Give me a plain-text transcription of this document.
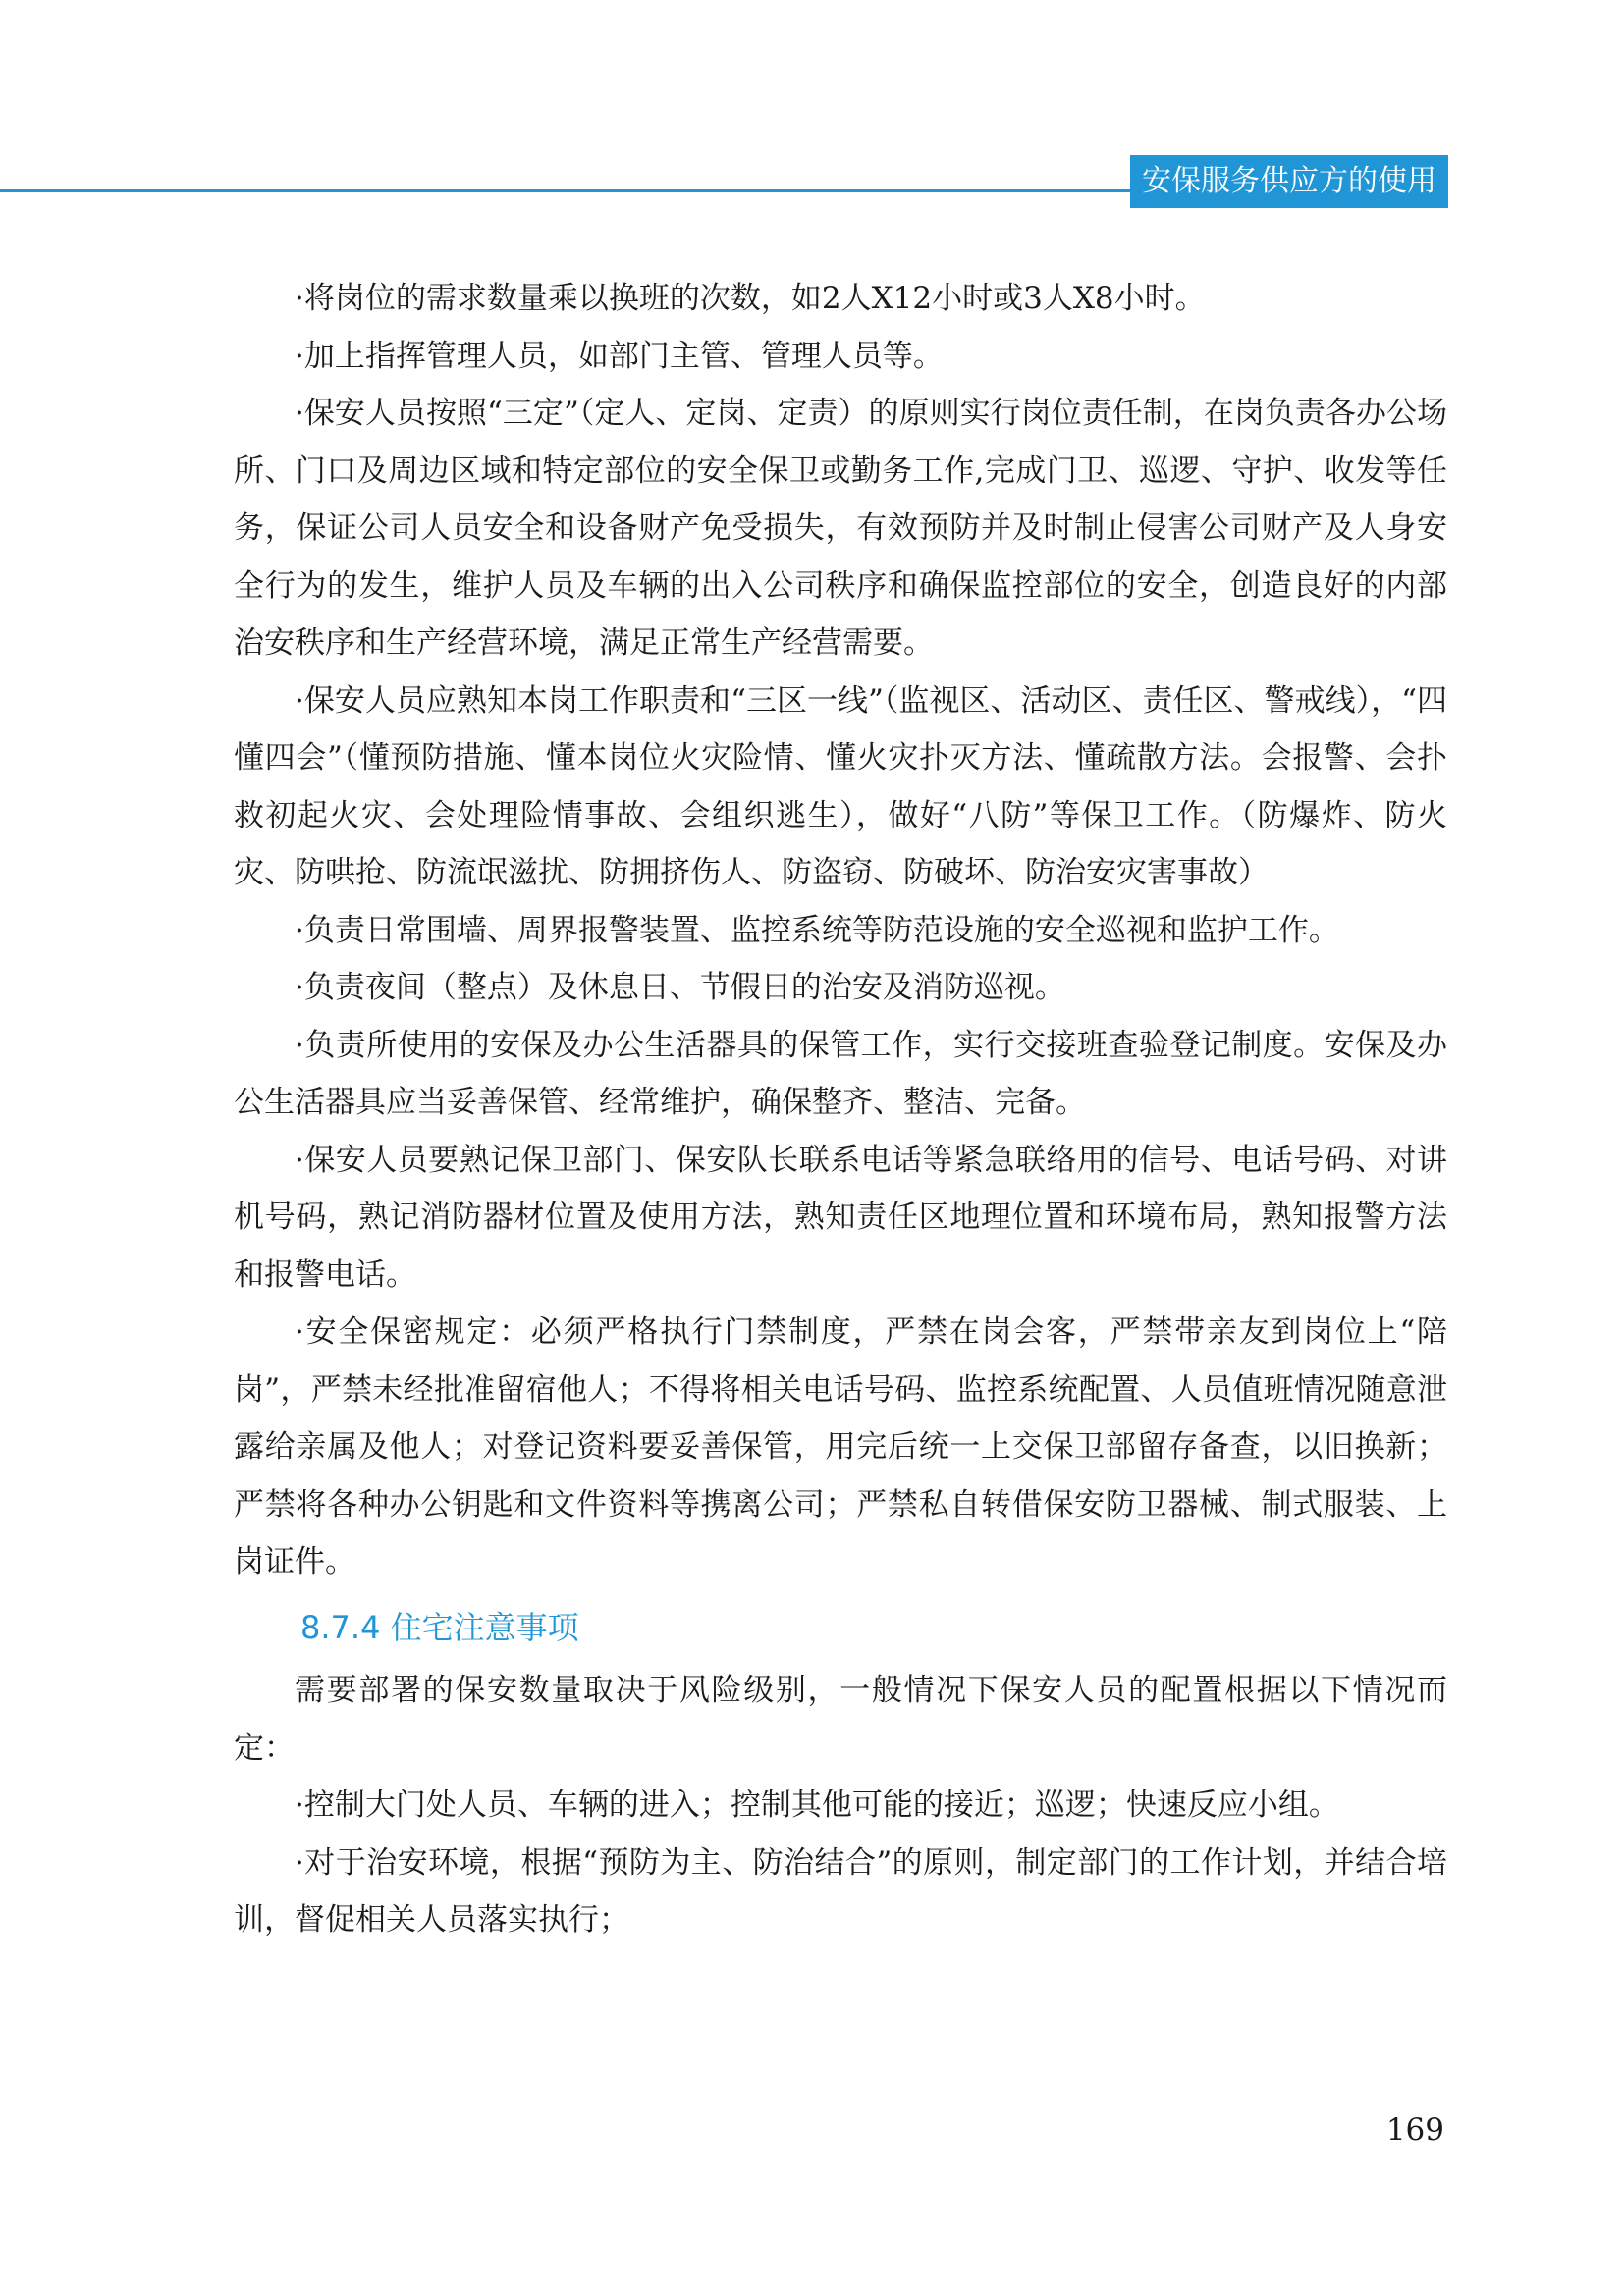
安保服务供应方的使用

·将岗位的需求数量乘以换班的次数，如2人X12小时或3人X8小时。

·加上指挥管理人员，如部门主管、管理人员等。

·保安人员按照“三定”（定人、定岗、定责）的原则实行岗位责任制，在岗负责各办公场所、门口及周边区域和特定部位的安全保卫或勤务工作,完成门卫、巡逻、守护、收发等任务，保证公司人员安全和设备财产免受损失，有效预防并及时制止侵害公司财产及人身安全行为的发生，维护人员及车辆的出入公司秩序和确保监控部位的安全，创造良好的内部治安秩序和生产经营环境，满足正常生产经营需要。

·保安人员应熟知本岗工作职责和“三区一线”（监视区、活动区、责任区、警戒线），“四懂四会”（懂预防措施、懂本岗位火灾险情、懂火灾扑灭方法、懂疏散方法。会报警、会扑救初起火灾、会处理险情事故、会组织逃生），做好“八防”等保卫工作。（防爆炸、防火灾、防哄抢、防流氓滋扰、防拥挤伤人、防盗窃、防破坏、防治安灾害事故）

·负责日常围墙、周界报警装置、监控系统等防范设施的安全巡视和监护工作。

·负责夜间（整点）及休息日、节假日的治安及消防巡视。

·负责所使用的安保及办公生活器具的保管工作，实行交接班查验登记制度。安保及办公生活器具应当妥善保管、经常维护，确保整齐、整洁、完备。

·保安人员要熟记保卫部门、保安队长联系电话等紧急联络用的信号、电话号码、对讲机号码，熟记消防器材位置及使用方法，熟知责任区地理位置和环境布局，熟知报警方法和报警电话。

·安全保密规定：必须严格执行门禁制度，严禁在岗会客，严禁带亲友到岗位上“陪岗”，严禁未经批准留宿他人；不得将相关电话号码、监控系统配置、人员值班情况随意泄露给亲属及他人；对登记资料要妥善保管，用完后统一上交保卫部留存备查，以旧换新；严禁将各种办公钥匙和文件资料等携离公司；严禁私自转借保安防卫器械、制式服装、上岗证件。

8.7.4 住宅注意事项

需要部署的保安数量取决于风险级别，一般情况下保安人员的配置根据以下情况而定：

·控制大门处人员、车辆的进入；控制其他可能的接近；巡逻；快速反应小组。

·对于治安环境，根据“预防为主、防治结合”的原则，制定部门的工作计划，并结合培训，督促相关人员落实执行；

169
